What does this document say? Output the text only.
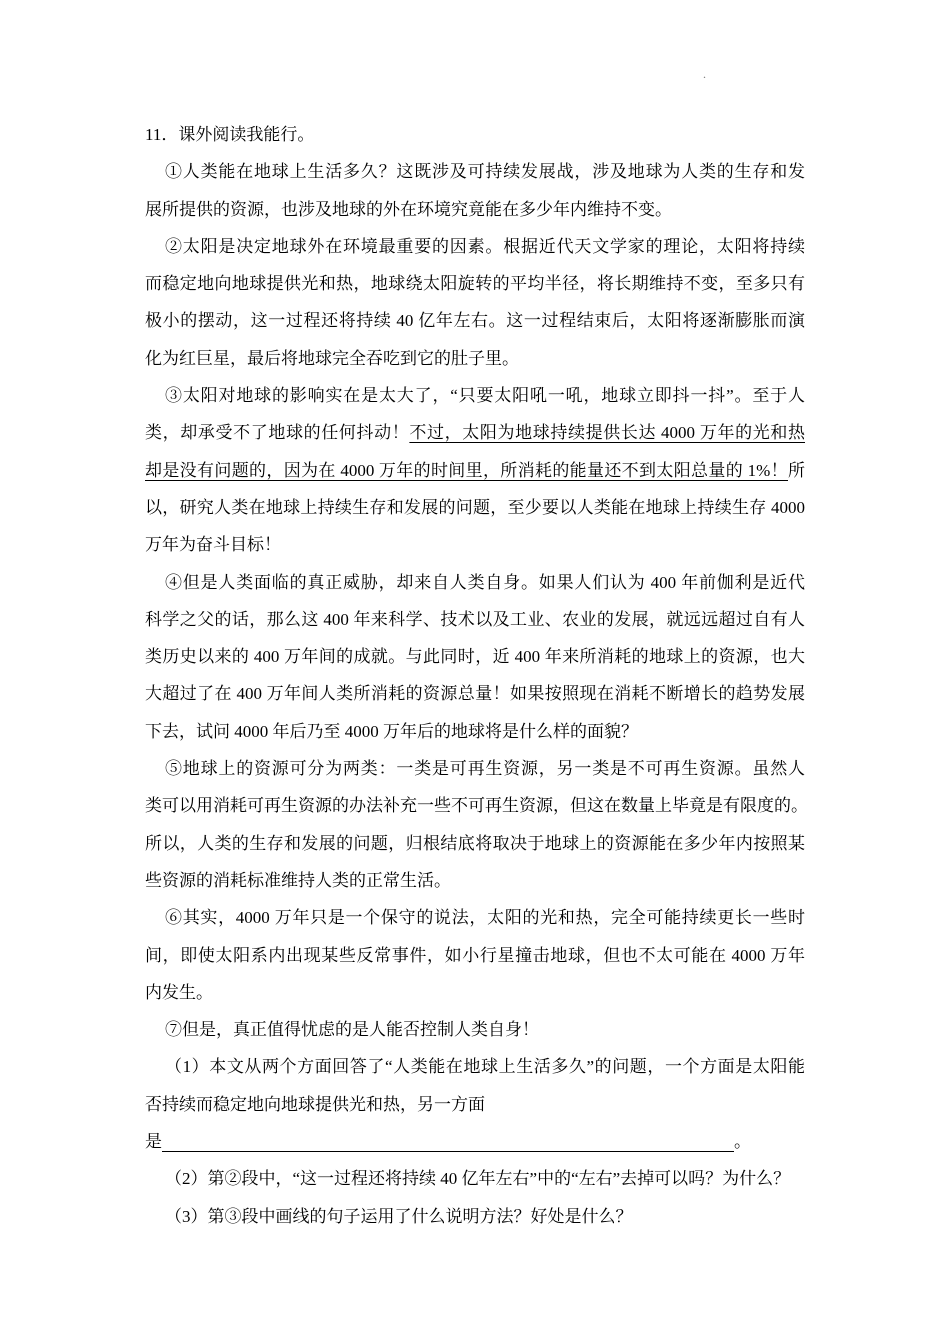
.
11．课外阅读我能行。
①人类能在地球上生活多久？这既涉及可持续发展战，涉及地球为人类的生存和发
展所提供的资源，也涉及地球的外在环境究竟能在多少年内维持不变。
②太阳是决定地球外在环境最重要的因素。根据近代天文学家的理论，太阳将持续
而稳定地向地球提供光和热，地球绕太阳旋转的平均半径，将长期维持不变，至多只有
极小的摆动，这一过程还将持续 40 亿年左右。这一过程结束后，太阳将逐渐膨胀而演
化为红巨星，最后将地球完全吞吃到它的肚子里。
③太阳对地球的影响实在是太大了，“只要太阳吼一吼，地球立即抖一抖”。至于人
类，却承受不了地球的任何抖动！不过，太阳为地球持续提供长达 4000 万年的光和热
却是没有问题的，因为在 4000 万年的时间里，所消耗的能量还不到太阳总量的 1%！所
以，研究人类在地球上持续生存和发展的问题，至少要以人类能在地球上持续生存 4000
万年为奋斗目标！
④但是人类面临的真正威胁，却来自人类自身。如果人们认为 400 年前伽利是近代
科学之父的话，那么这 400 年来科学、技术以及工业、农业的发展，就远远超过自有人
类历史以来的 400 万年间的成就。与此同时，近 400 年来所消耗的地球上的资源，也大
大超过了在 400 万年间人类所消耗的资源总量！如果按照现在消耗不断增长的趋势发展
下去，试问 4000 年后乃至 4000 万年后的地球将是什么样的面貌？
⑤地球上的资源可分为两类：一类是可再生资源，另一类是不可再生资源。虽然人
类可以用消耗可再生资源的办法补充一些不可再生资源，但这在数量上毕竟是有限度的。
所以，人类的生存和发展的问题，归根结底将取决于地球上的资源能在多少年内按照某
些资源的消耗标准维持人类的正常生活。
⑥其实，4000 万年只是一个保守的说法，太阳的光和热，完全可能持续更长一些时
间，即使太阳系内出现某些反常事件，如小行星撞击地球，但也不太可能在 4000 万年
内发生。
⑦但是，真正值得忧虑的是人能否控制人类自身！
（1）本文从两个方面回答了“人类能在地球上生活多久”的问题，一个方面是太阳能
否持续而稳定地向地球提供光和热，另一方面
是	。
（2）第②段中，“这一过程还将持续 40 亿年左右”中的“左右”去掉可以吗？为什么？
（3）第③段中画线的句子运用了什么说明方法？好处是什么？
